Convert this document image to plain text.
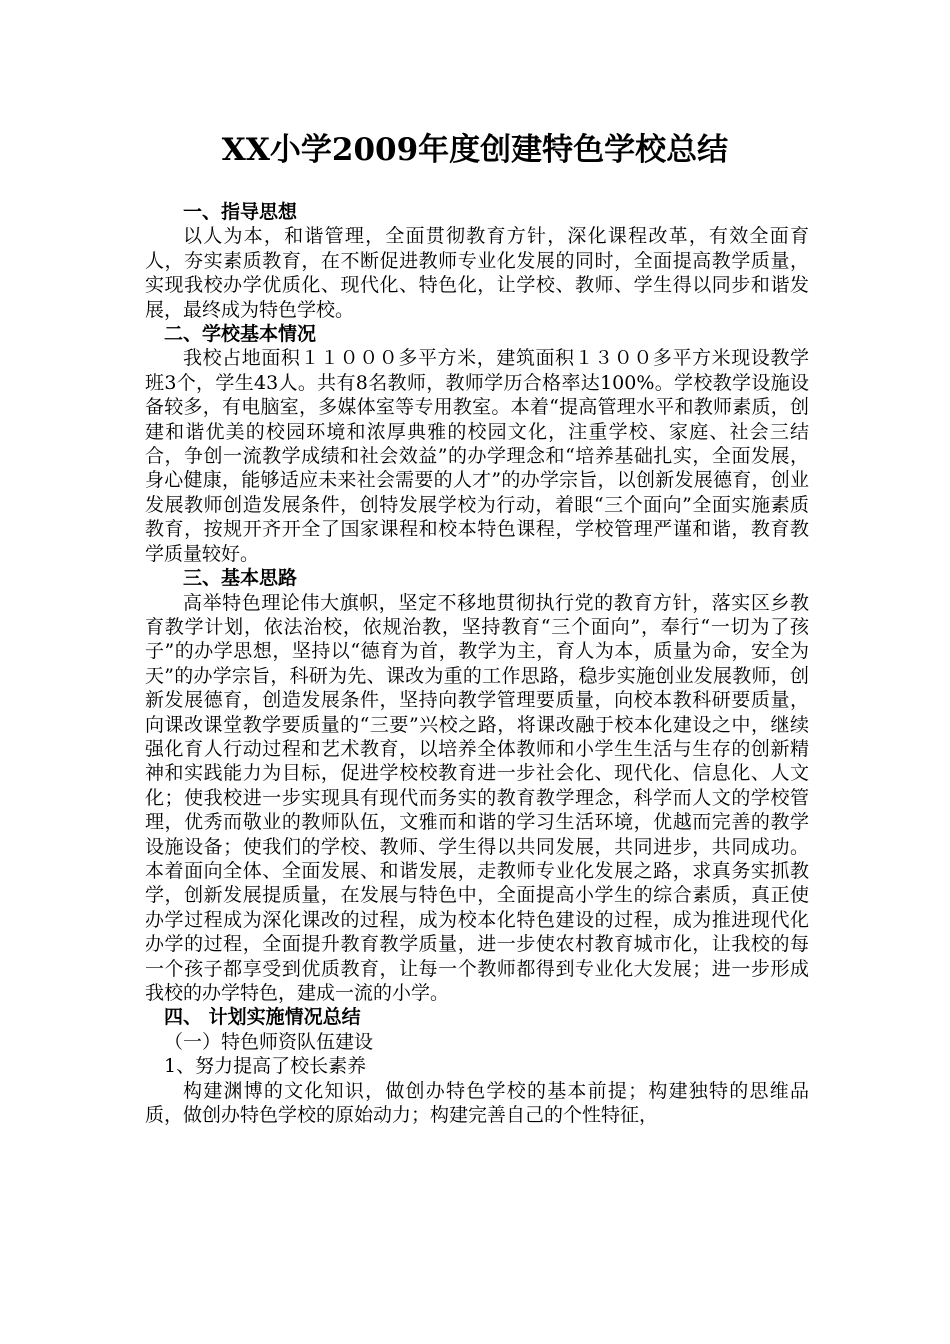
XX小学2009年度创建特色学校总结
一、指导思想

以人为本，和谐管理，全面贯彻教育方针，深化课程改革，有效全面育人，夯实素质教育，在不断促进教师专业化发展的同时，全面提高教学质量，实现我校办学优质化、现代化、特色化，让学校、教师、学生得以同步和谐发展，最终成为特色学校。

二、学校基本情况

我校占地面积１１０００多平方米，建筑面积１３００多平方米现设教学班3个，学生43人。共有8名教师，教师学历合格率达100%。学校教学设施设备较多，有电脑室，多媒体室等专用教室。本着“提高管理水平和教师素质，创建和谐优美的校园环境和浓厚典雅的校园文化，注重学校、家庭、社会三结合，争创一流教学成绩和社会效益”的办学理念和“培养基础扎实，全面发展，身心健康，能够适应未来社会需要的人才”的办学宗旨，以创新发展德育，创业发展教师创造发展条件，创特发展学校为行动，着眼“三个面向”全面实施素质教育，按规开齐开全了国家课程和校本特色课程，学校管理严谨和谐，教育教学质量较好。

三、基本思路

高举特色理论伟大旗帜，坚定不移地贯彻执行党的教育方针，落实区乡教育教学计划，依法治校，依规治教，坚持教育“三个面向”，奉行“一切为了孩子”的办学思想，坚持以“德育为首，教学为主，育人为本，质量为命，安全为天”的办学宗旨，科研为先、课改为重的工作思路，稳步实施创业发展教师，创新发展德育，创造发展条件，坚持向教学管理要质量，向校本教科研要质量，向课改课堂教学要质量的“三要”兴校之路，将课改融于校本化建设之中，继续强化育人行动过程和艺术教育，以培养全体教师和小学生生活与生存的创新精神和实践能力为目标，促进学校校教育进一步社会化、现代化、信息化、人文化；使我校进一步实现具有现代而务实的教育教学理念，科学而人文的学校管理，优秀而敬业的教师队伍，文雅而和谐的学习生活环境，优越而完善的教学设施设备；使我们的学校、教师、学生得以共同发展，共同进步，共同成功。本着面向全体、全面发展、和谐发展，走教师专业化发展之路，求真务实抓教学，创新发展提质量，在发展与特色中，全面提高小学生的综合素质，真正使办学过程成为深化课改的过程，成为校本化特色建设的过程，成为推进现代化办学的过程，全面提升教育教学质量，进一步使农村教育城市化，让我校的每一个孩子都享受到优质教育，让每一个教师都得到专业化大发展；进一步形成我校的办学特色，建成一流的小学。

四、 计划实施情况总结
（一）特色师资队伍建设
1、努力提高了校长素养

构建渊博的文化知识，做创办特色学校的基本前提；构建独特的思维品质，做创办特色学校的原始动力；构建完善自己的个性特征，
